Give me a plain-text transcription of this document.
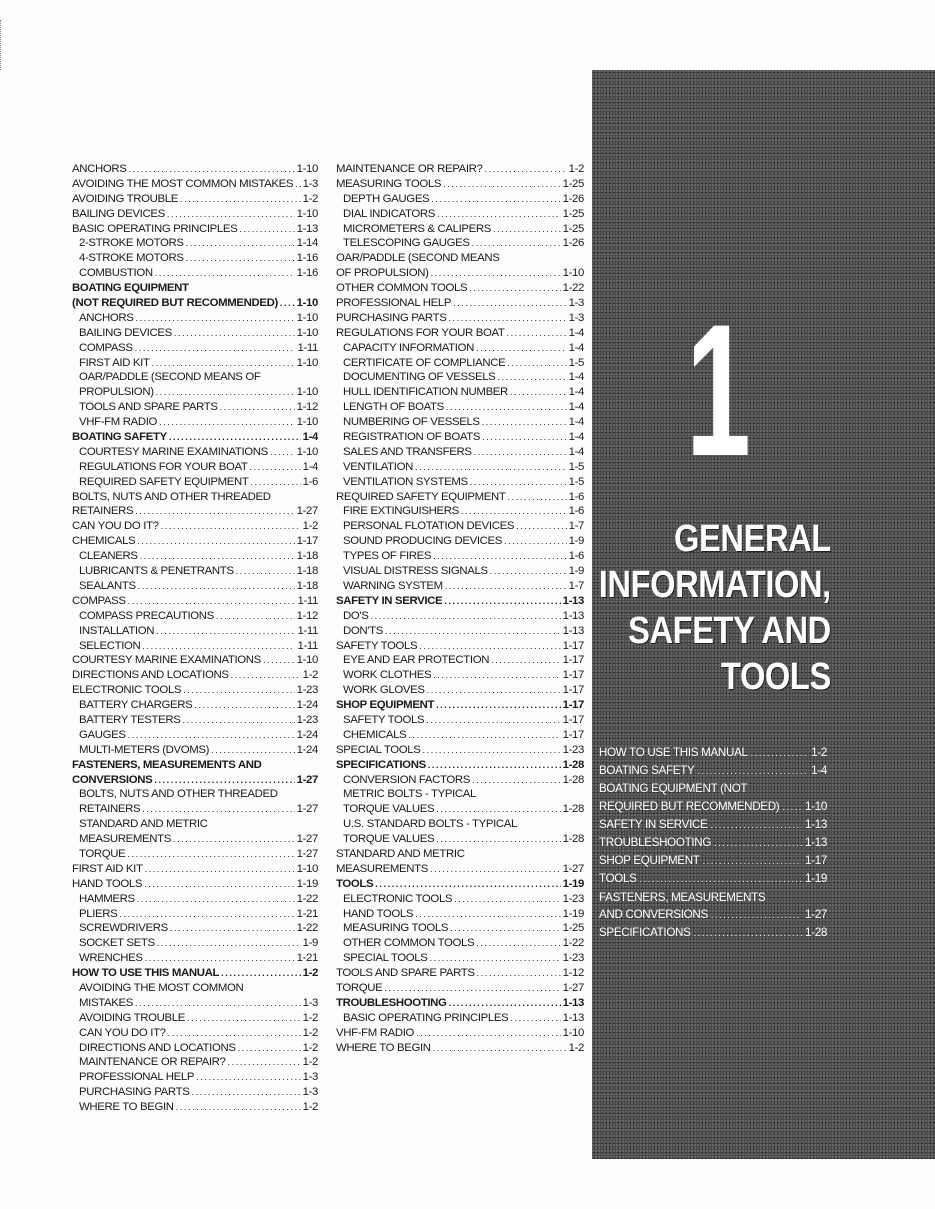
ANCHORS .....	1-10
AVOIDING THE MOST COMMON MISTAKES ..... 1-3
AVOIDING TROUBLE .....	1-2
BAILING DEVICES .....	1-10
BASIC OPERATING PRINCIPLES .....	1-13
2-STROKE MOTORS .....	1-14
4-STROKE MOTORS .....	1-16
COMBUSTION .....	1-16
BOATING EQUIPMENT
(NOT REQUIRED BUT RECOMMENDED) ..... 1-10
ANCHORS .....	1-10
BAILING DEVICES .....	1-10
COMPASS .....	1-11
FIRST AID KIT .....	1-10
OAR/PADDLE (SECOND MEANS OF
PROPULSION) .....	1-10
TOOLS AND SPARE PARTS .....	1-12
VHF-FM RADIO .....	1-10
BOATING SAFETY .....	1-4
COURTESY MARINE EXAMINATIONS .....	1-10
REGULATIONS FOR YOUR BOAT .....	1-4
REQUIRED SAFETY EQUIPMENT .....	1-6
BOLTS, NUTS AND OTHER THREADED
RETAINERS .....	1-27
CAN YOU DO IT? .....	1-2
CHEMICALS .....	1-17
CLEANERS .....	1-18
LUBRICANTS & PENETRANTS .....	1-18
SEALANTS .....	1-18
COMPASS .....	1-11
COMPASS PRECAUTIONS .....	1-12
INSTALLATION .....	1-11
SELECTION .....	1-11
COURTESY MARINE EXAMINATIONS .....	1-10
DIRECTIONS AND LOCATIONS .....	1-2
ELECTRONIC TOOLS .....	1-23
BATTERY CHARGERS .....	1-24
BATTERY TESTERS .....	1-23
GAUGES .....	1-24
MULTI-METERS (DVOMS) .....	1-24
FASTENERS, MEASUREMENTS AND
CONVERSIONS .....	1-27
BOLTS, NUTS AND OTHER THREADED
RETAINERS .....	1-27
STANDARD AND METRIC
MEASUREMENTS .....	1-27
TORQUE .....	1-27
FIRST AID KIT .....	1-10
HAND TOOLS .....	1-19
HAMMERS .....	1-22
PLIERS .....	1-21
SCREWDRIVERS .....	1-22
SOCKET SETS .....	1-9
WRENCHES .....	1-21
HOW TO USE THIS MANUAL .....	1-2
AVOIDING THE MOST COMMON
MISTAKES .....	1-3
AVOIDING TROUBLE .....	1-2
CAN YOU DO IT? .....	1-2
DIRECTIONS AND LOCATIONS .....	1-2
MAINTENANCE OR REPAIR? .....	1-2
PROFESSIONAL HELP .....	1-3
PURCHASING PARTS .....	1-3
WHERE TO BEGIN .....	1-2
MAINTENANCE OR REPAIR? .....	1-2
MEASURING TOOLS .....	1-25
DEPTH GAUGES .....	1-26
DIAL INDICATORS .....	1-25
MICROMETERS & CALIPERS .....	1-25
TELESCOPING GAUGES .....	1-26
OAR/PADDLE (SECOND MEANS
OF PROPULSION) .....	1-10
OTHER COMMON TOOLS .....	1-22
PROFESSIONAL HELP .....	1-3
PURCHASING PARTS .....	1-3
REGULATIONS FOR YOUR BOAT .....	1-4
CAPACITY INFORMATION .....	1-4
CERTIFICATE OF COMPLIANCE .....	1-5
DOCUMENTING OF VESSELS .....	1-4
HULL IDENTIFICATION NUMBER .....	1-4
LENGTH OF BOATS .....	1-4
NUMBERING OF VESSELS .....	1-4
REGISTRATION OF BOATS .....	1-4
SALES AND TRANSFERS .....	1-4
VENTILATION .....	1-5
VENTILATION SYSTEMS .....	1-5
REQUIRED SAFETY EQUIPMENT .....	1-6
FIRE EXTINGUISHERS .....	1-6
PERSONAL FLOTATION DEVICES .....	1-7
SOUND PRODUCING DEVICES .....	1-9
TYPES OF FIRES .....	1-6
VISUAL DISTRESS SIGNALS .....	1-9
WARNING SYSTEM .....	1-7
SAFETY IN SERVICE .....	1-13
DO'S .....	1-13
DON'TS .....	1-13
SAFETY TOOLS .....	1-17
EYE AND EAR PROTECTION .....	1-17
WORK CLOTHES .....	1-17
WORK GLOVES .....	1-17
SHOP EQUIPMENT .....	1-17
SAFETY TOOLS .....	1-17
CHEMICALS .....	1-17
SPECIAL TOOLS .....	1-23
SPECIFICATIONS .....	1-28
CONVERSION FACTORS .....	1-28
METRIC BOLTS - TYPICAL
TORQUE VALUES .....	1-28
U.S. STANDARD BOLTS - TYPICAL
TORQUE VALUES .....	1-28
STANDARD AND METRIC
MEASUREMENTS .....	1-27
TOOLS .....	1-19
ELECTRONIC TOOLS .....	1-23
HAND TOOLS .....	1-19
MEASURING TOOLS .....	1-25
OTHER COMMON TOOLS .....	1-22
SPECIAL TOOLS .....	1-23
TOOLS AND SPARE PARTS .....	1-12
TORQUE .....	1-27
TROUBLESHOOTING .....	1-13
BASIC OPERATING PRINCIPLES .....	1-13
VHF-FM RADIO .....	1-10
WHERE TO BEGIN .....	1-2
1
GENERAL
INFORMATION,
SAFETY AND
TOOLS
HOW TO USE THIS MANUAL .....	1-2
BOATING SAFETY .....	1-4
BOATING EQUIPMENT (NOT
REQUIRED BUT RECOMMENDED) ..... 1-10
SAFETY IN SERVICE .....	1-13
TROUBLESHOOTING .....	1-13
SHOP EQUIPMENT .....	1-17
TOOLS .....	1-19
FASTENERS, MEASUREMENTS
AND CONVERSIONS .....	1-27
SPECIFICATIONS .....	1-28
